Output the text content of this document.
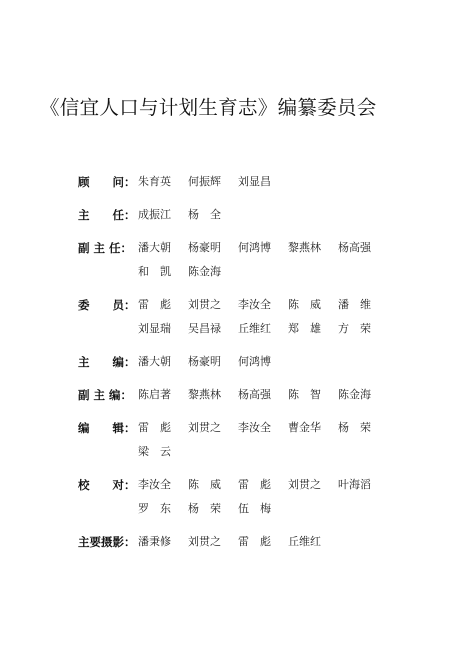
《信宜人口与计划生育志》编纂委员会
顾　　问： 朱育英	何振辉	刘显昌
主　　任： 成振江	杨　全
副 主 任： 潘大朝	杨豪明	何鸿博	黎燕林	杨高强
和　凯	陈金海
委　　员： 雷　彪	刘贯之	李汝全	陈　威	潘　维
刘显瑞	吴昌禄	丘维红	郑　雄	方　荣
主　　编： 潘大朝	杨豪明	何鸿博
副 主 编： 陈启著	黎燕林	杨高强	陈　智	陈金海
编　　辑： 雷　彪	刘贯之	李汝全	曹金华	杨　荣
梁　云
校　　对： 李汝全	陈　威	雷　彪	刘贯之	叶海滔
罗　东	杨　荣	伍　梅
主要摄影： 潘秉修	刘贯之	雷　彪	丘维红
